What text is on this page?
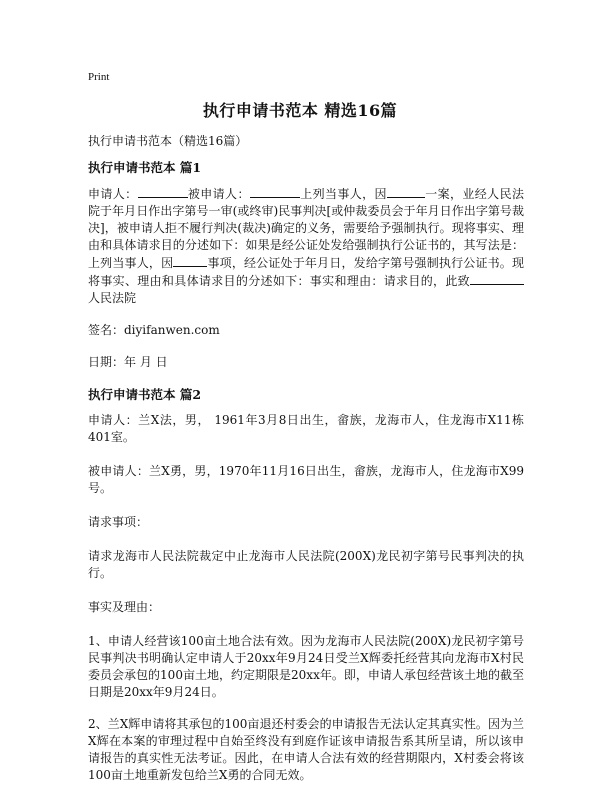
Print
执行申请书范本 精选16篇
执行申请书范本（精选16篇）
执行申请书范本 篇1

申请人：	被申请人：	上列当事人，因	一案，业经人民法院于年月日作出字第号一审(或终审)民事判决[或仲裁委员会于年月日作出字第号裁决]，被申请人拒不履行判决(裁决)确定的义务，需要给予强制执行。现将事实、理由和具体请求目的分述如下：如果是经公证处发给强制执行公证书的，其写法是：上列当事人，因	事项，经公证处于年月日，发给字第号强制执行公证书。现将事实、理由和具体请求目的分述如下：事实和理由：请求目的，此致人民法院

签名：diyifanwen.com

日期：年 月 日

执行申请书范本 篇2

申请人：兰X法，男， 1961年3月8日出生，畲族，龙海市人，住龙海市X11栋401室。

被申请人：兰X勇，男，1970年11月16日出生，畲族，龙海市人，住龙海市X99号。

请求事项：

请求龙海市人民法院裁定中止龙海市人民法院(200X)龙民初字第号民事判决的执行。

事实及理由：

1、申请人经营该100亩土地合法有效。因为龙海市人民法院(200X)龙民初字第号民事判决书明确认定申请人于20xx年9月24日受兰X辉委托经营其向龙海市X村民委员会承包的100亩土地，约定期限是20xx年。即，申请人承包经营该土地的截至日期是20xx年9月24日。

2、兰X辉申请将其承包的100亩退还村委会的申请报告无法认定其真实性。因为兰X辉在本案的审理过程中自始至终没有到庭作证该申请报告系其所呈请，所以该申请报告的真实性无法考证。因此，在申请人合法有效的经营期限内，X村委会将该100亩土地重新发包给兰X勇的合同无效。
